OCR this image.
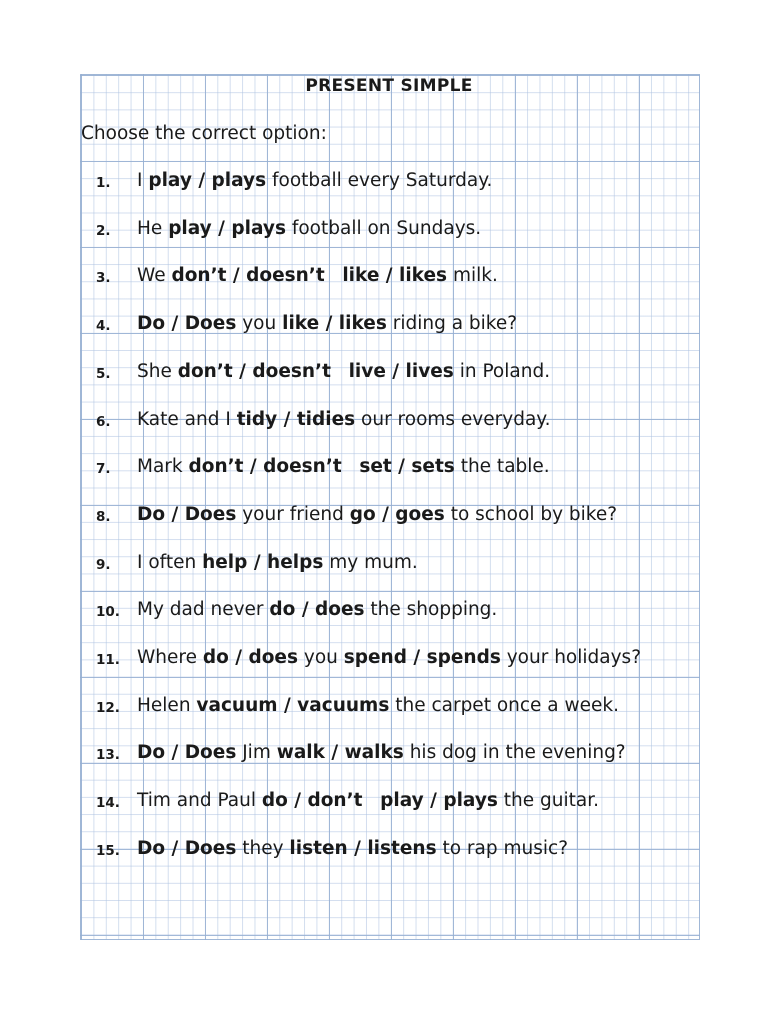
PRESENT SIMPLE
Choose the correct option:
1. I play / plays football every Saturday.
2. He play / plays football on Sundays.
3. We don’t / doesn’t like / likes milk.
4. Do / Does you like / likes riding a bike?
5. She don’t / doesn’t live / lives in Poland.
6. Kate and I tidy / tidies our rooms everyday.
7. Mark don’t / doesn’t set / sets the table.
8. Do / Does your friend go / goes to school by bike?
9. I often help / helps my mum.
10. My dad never do / does the shopping.
11. Where do / does you spend / spends your holidays?
12. Helen vacuum / vacuums the carpet once a week.
13. Do / Does Jim walk / walks his dog in the evening?
14. Tim and Paul do / don’t play / plays the guitar.
15. Do / Does they listen / listens to rap music?
